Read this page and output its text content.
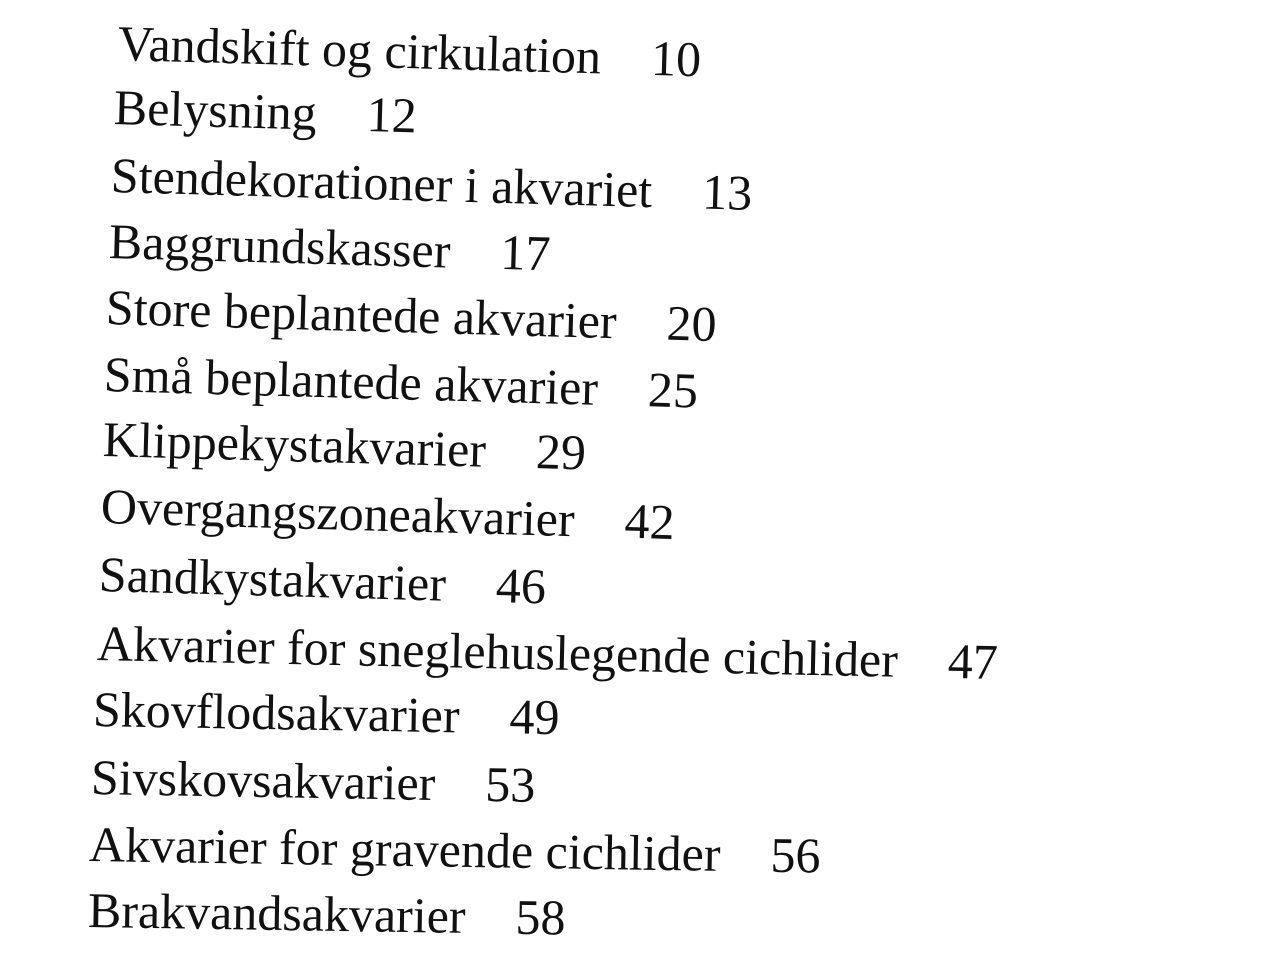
Vandskift og cirkulation 10
Belysning 12
Stendekorationer i akvariet 13
Baggrundskasser 17
Store beplantede akvarier 20
Små beplantede akvarier 25
Klippekystakvarier 29
Overgangszoneakvarier 42
Sandkystakvarier 46
Akvarier for sneglehuslegende cichlider 47
Skovflodsakvarier 49
Sivskovsakvarier 53
Akvarier for gravende cichlider 56
Brakvandsakvarier 58
